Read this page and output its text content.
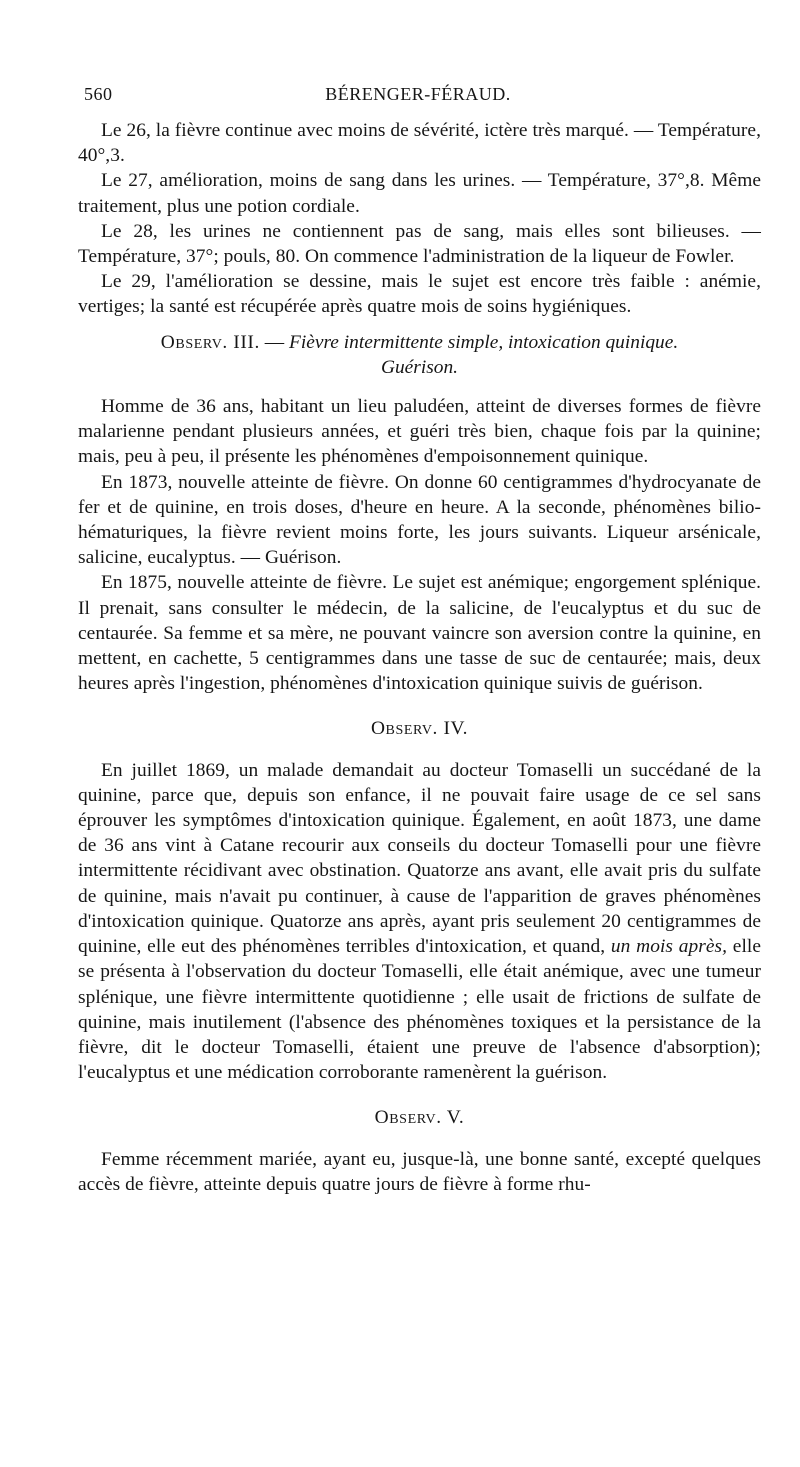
560	BÉRENGER-FÉRAUD.

Le 26, la fièvre continue avec moins de sévérité, ictère très marqué. — Température, 40°,3.

Le 27, amélioration, moins de sang dans les urines. — Température, 37°,8. Même traitement, plus une potion cordiale.

Le 28, les urines ne contiennent pas de sang, mais elles sont bilieuses. — Température, 37°; pouls, 80. On commence l'administration de la liqueur de Fowler.

Le 29, l'amélioration se dessine, mais le sujet est encore très faible : anémie, vertiges; la santé est récupérée après quatre mois de soins hygiéniques.

Observ. III. — Fièvre intermittente simple, intoxication quinique.
Guérison.

Homme de 36 ans, habitant un lieu paludéen, atteint de diverses formes de fièvre malarienne pendant plusieurs années, et guéri très bien, chaque fois par la quinine; mais, peu à peu, il présente les phénomènes d'empoisonnement quinique.

En 1873, nouvelle atteinte de fièvre. On donne 60 centigrammes d'hydrocyanate de fer et de quinine, en trois doses, d'heure en heure. A la seconde, phénomènes bilio-hématuriques, la fièvre revient moins forte, les jours suivants. Liqueur arsénicale, salicine, eucalyptus. — Guérison.

En 1875, nouvelle atteinte de fièvre. Le sujet est anémique; engorgement splénique. Il prenait, sans consulter le médecin, de la salicine, de l'eucalyptus et du suc de centaurée. Sa femme et sa mère, ne pouvant vaincre son aversion contre la quinine, en mettent, en cachette, 5 centigrammes dans une tasse de suc de centaurée; mais, deux heures après l'ingestion, phénomènes d'intoxication quinique suivis de guérison.

Observ. IV.

En juillet 1869, un malade demandait au docteur Tomaselli un succédané de la quinine, parce que, depuis son enfance, il ne pouvait faire usage de ce sel sans éprouver les symptômes d'intoxication quinique. Également, en août 1873, une dame de 36 ans vint à Catane recourir aux conseils du docteur Tomaselli pour une fièvre intermittente récidivant avec obstination. Quatorze ans avant, elle avait pris du sulfate de quinine, mais n'avait pu continuer, à cause de l'apparition de graves phénomènes d'intoxication quinique. Quatorze ans après, ayant pris seulement 20 centigrammes de quinine, elle eut des phénomènes terribles d'intoxication, et quand, un mois après, elle se présenta à l'observation du docteur Tomaselli, elle était anémique, avec une tumeur splénique, une fièvre intermittente quotidienne ; elle usait de frictions de sulfate de quinine, mais inutilement (l'absence des phénomènes toxiques et la persistance de la fièvre, dit le docteur Tomaselli, étaient une preuve de l'absence d'absorption); l'eucalyptus et une médication corroborante ramenèrent la guérison.

Observ. V.

Femme récemment mariée, ayant eu, jusque-là, une bonne santé, excepté quelques accès de fièvre, atteinte depuis quatre jours de fièvre à forme rhu-
